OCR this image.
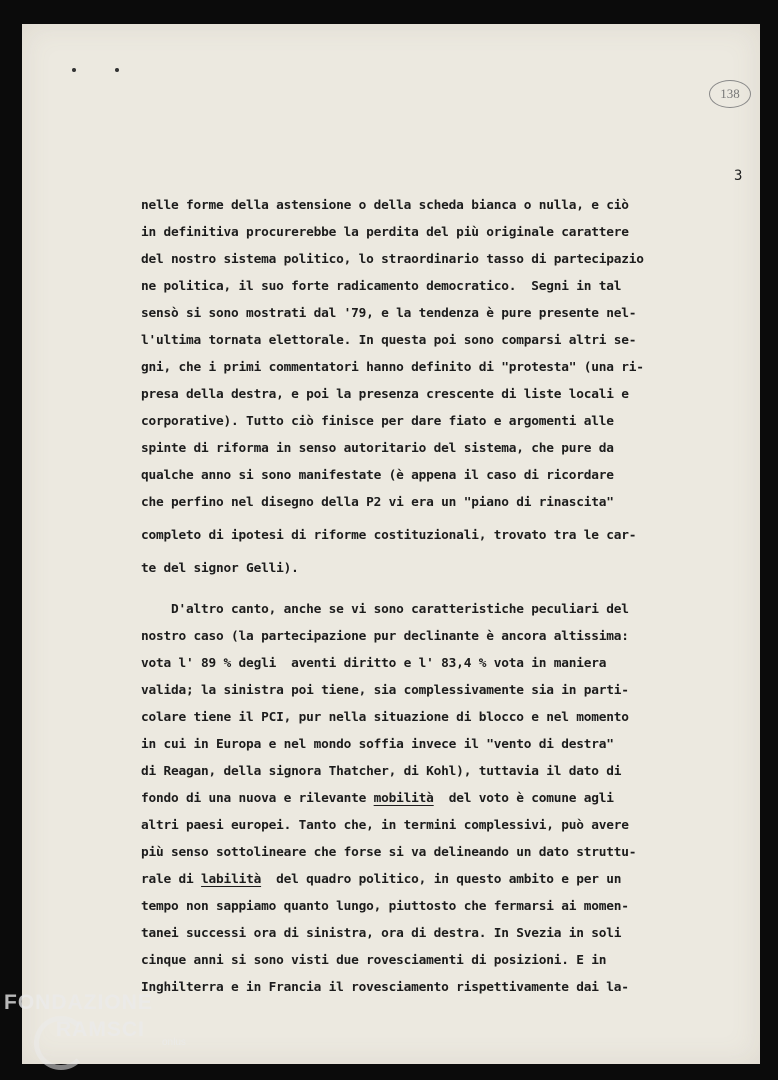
138
3
nelle forme della astensione o della scheda bianca o nulla, e ciò
in definitiva procurerebbe la perdita del più originale carattere
del nostro sistema politico, lo straordinario tasso di partecipazio
ne politica, il suo forte radicamento democratico.  Segni in tal
sensò si sono mostrati dal '79, e la tendenza è pure presente nel-
l'ultima tornata elettorale. In questa poi sono comparsi altri se-
gni, che i primi commentatori hanno definito di "protesta" (una ri-
presa della destra, e poi la presenza crescente di liste locali e
corporative). Tutto ciò finisce per dare fiato e argomenti alle
spinte di riforma in senso autoritario del sistema, che pure da
qualche anno si sono manifestate (è appena il caso di ricordare
che perfino nel disegno della P2 vi era un "piano di rinascita"
completo di ipotesi di riforme costituzionali, trovato tra le car-
te del signor Gelli).
D'altro canto, anche se vi sono caratteristiche peculiari del
nostro caso (la partecipazione pur declinante è ancora altissima:
vota l' 89 % degli  aventi diritto e l' 83,4 % vota in maniera
valida; la sinistra poi tiene, sia complessivamente sia in parti-
colare tiene il PCI, pur nella situazione di blocco e nel momento
in cui in Europa e nel mondo soffia invece il "vento di destra"
di Reagan, della signora Thatcher, di Kohl), tuttavia il dato di
fondo di una nuova e rilevante mobilità  del voto è comune agli
altri paesi europei. Tanto che, in termini complessivi, può avere
più senso sottolineare che forse si va delineando un dato struttu-
rale di labilità  del quadro politico, in questo ambito e per un
tempo non sappiamo quanto lungo, piuttosto che fermarsi ai momen-
tanei successi ora di sinistra, ora di destra. In Svezia in soli
cinque anni si sono visti due rovesciamenti di posizioni. E in
Inghilterra e in Francia il rovesciamento rispettivamente dai la-
FONDAZIONE
RAMSCI
onlus
